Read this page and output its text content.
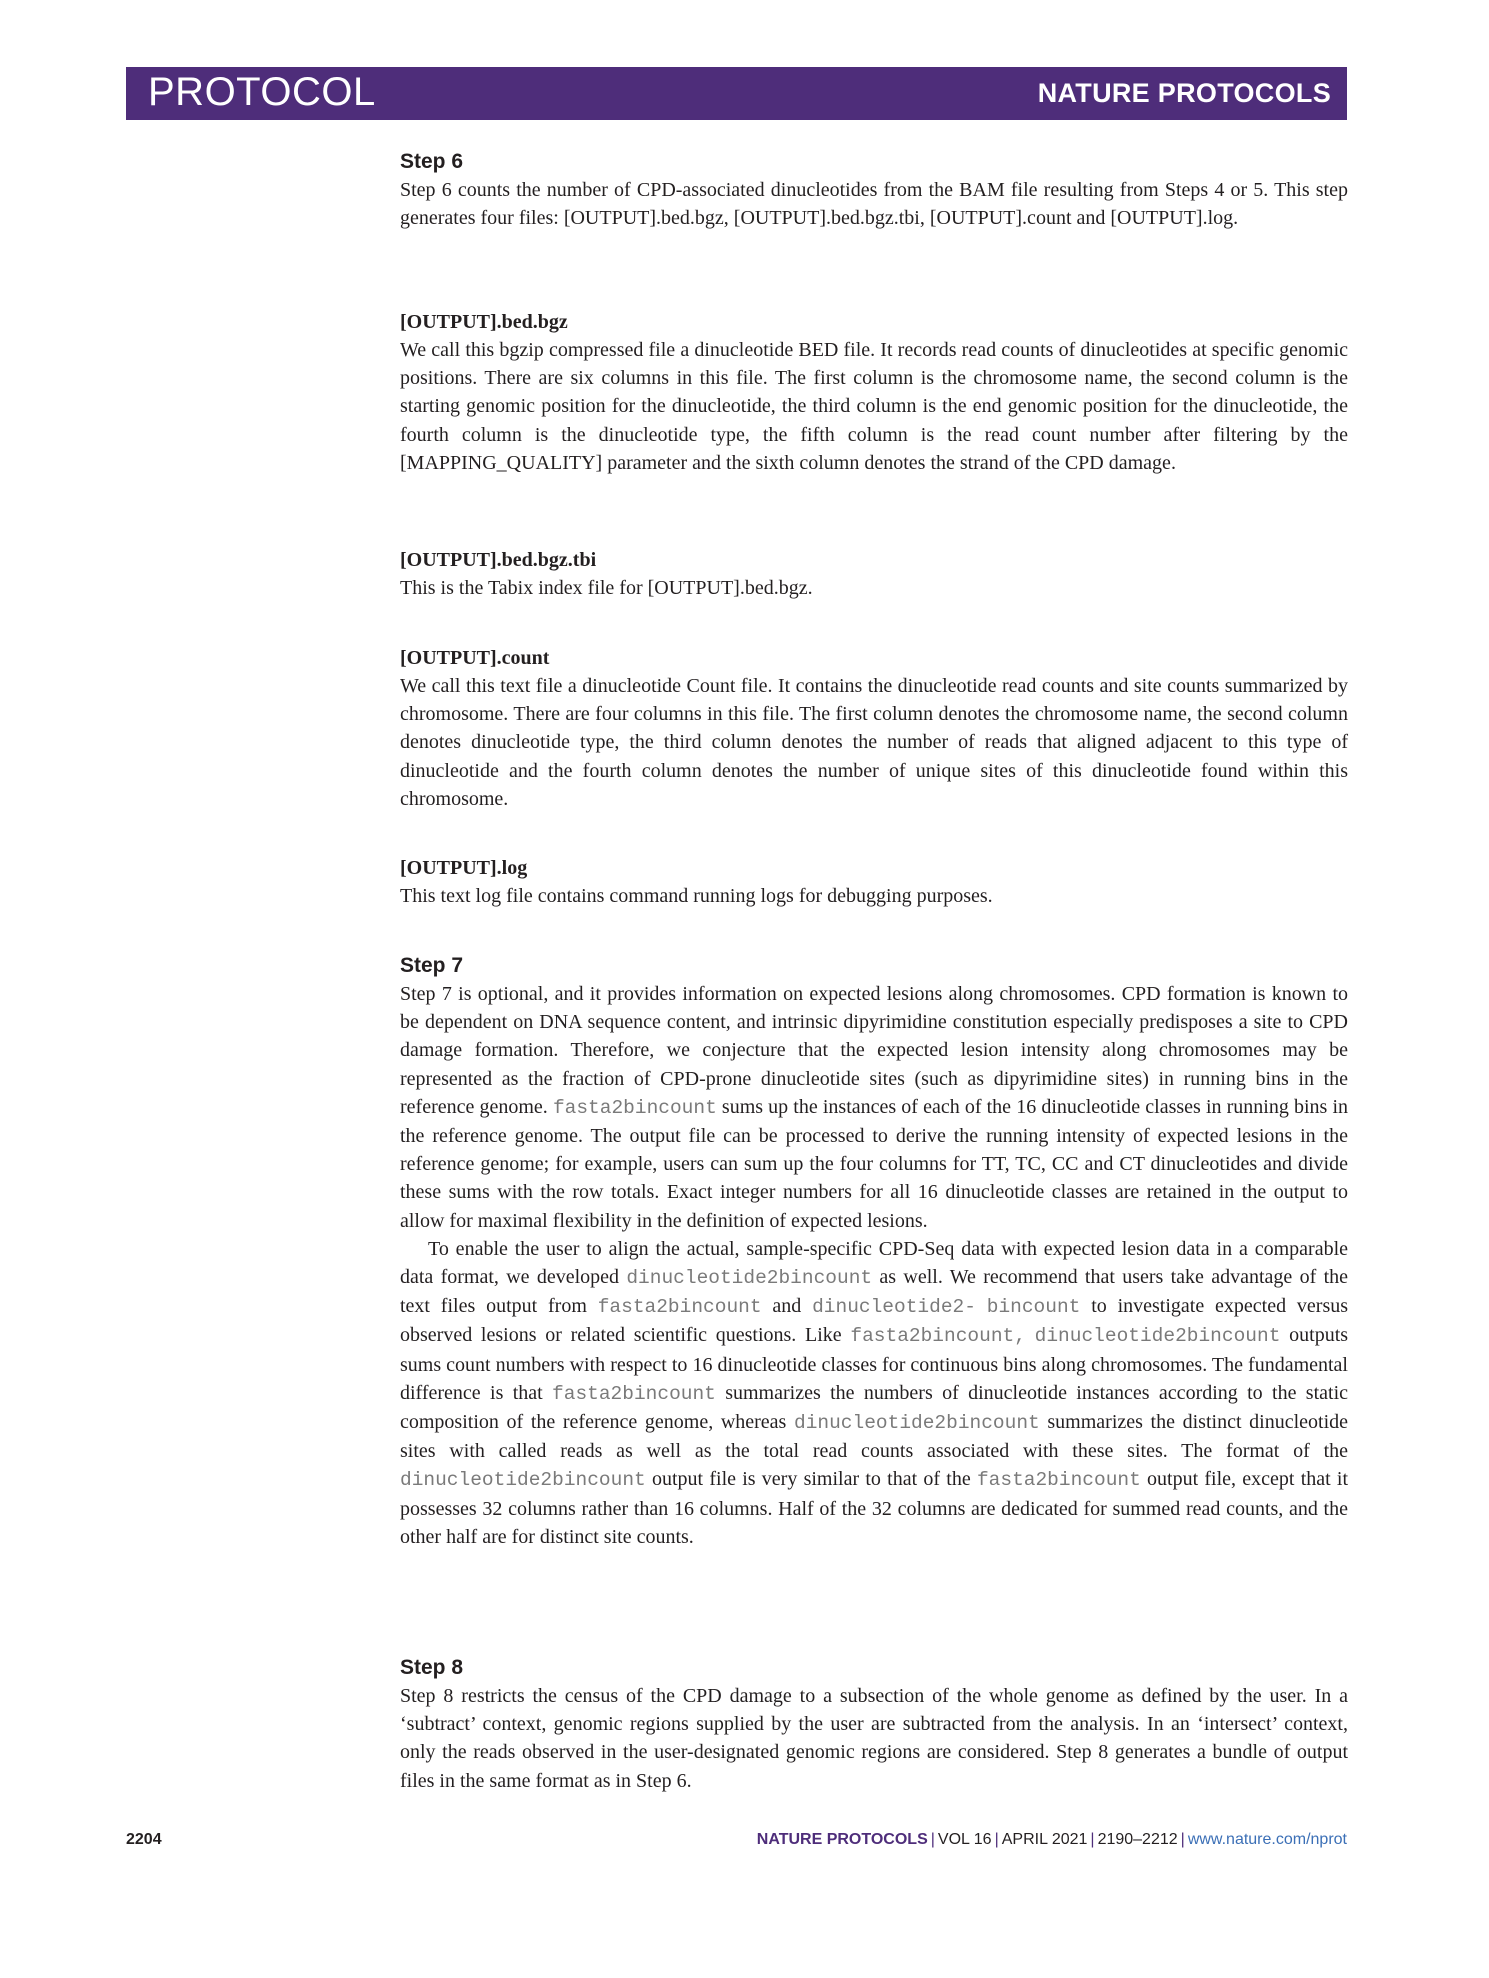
PROTOCOL	NATURE PROTOCOLS
Step 6

Step 6 counts the number of CPD-associated dinucleotides from the BAM file resulting from Steps 4 or 5. This step generates four files: [OUTPUT].bed.bgz, [OUTPUT].bed.bgz.tbi, [OUTPUT].count and [OUTPUT].log.

[OUTPUT].bed.bgz

We call this bgzip compressed file a dinucleotide BED file. It records read counts of dinucleotides at specific genomic positions. There are six columns in this file. The first column is the chromosome name, the second column is the starting genomic position for the dinucleotide, the third column is the end genomic position for the dinucleotide, the fourth column is the dinucleotide type, the fifth column is the read count number after filtering by the [MAPPING_QUALITY] parameter and the sixth column denotes the strand of the CPD damage.

[OUTPUT].bed.bgz.tbi

This is the Tabix index file for [OUTPUT].bed.bgz.

[OUTPUT].count

We call this text file a dinucleotide Count file. It contains the dinucleotide read counts and site counts summarized by chromosome. There are four columns in this file. The first column denotes the chromosome name, the second column denotes dinucleotide type, the third column denotes the number of reads that aligned adjacent to this type of dinucleotide and the fourth column denotes the number of unique sites of this dinucleotide found within this chromosome.

[OUTPUT].log

This text log file contains command running logs for debugging purposes.

Step 7

Step 7 is optional, and it provides information on expected lesions along chromosomes. CPD formation is known to be dependent on DNA sequence content, and intrinsic dipyrimidine constitution especially predisposes a site to CPD damage formation. Therefore, we conjecture that the expected lesion intensity along chromosomes may be represented as the fraction of CPD-prone dinucleotide sites (such as dipyrimidine sites) in running bins in the reference genome. fasta2bincount sums up the instances of each of the 16 dinucleotide classes in running bins in the reference genome. The output file can be processed to derive the running intensity of expected lesions in the reference genome; for example, users can sum up the four columns for TT, TC, CC and CT dinucleotides and divide these sums with the row totals. Exact integer numbers for all 16 dinucleotide classes are retained in the output to allow for maximal flexibility in the definition of expected lesions.

To enable the user to align the actual, sample-specific CPD-Seq data with expected lesion data in a comparable data format, we developed dinucleotide2bincount as well. We recommend that users take advantage of the text files output from fasta2bincount and dinucleotide2- bincount to investigate expected versus observed lesions or related scientific questions. Like fasta2bincount, dinucleotide2bincount outputs sums count numbers with respect to 16 dinucleotide classes for continuous bins along chromosomes. The fundamental difference is that fasta2bincount summarizes the numbers of dinucleotide instances according to the static composition of the reference genome, whereas dinucleotide2bincount summarizes the distinct dinucleotide sites with called reads as well as the total read counts associated with these sites. The format of the dinucleotide2bincount output file is very similar to that of the fasta2bincount output file, except that it possesses 32 columns rather than 16 columns. Half of the 32 columns are dedicated for summed read counts, and the other half are for distinct site counts.

Step 8

Step 8 restricts the census of the CPD damage to a subsection of the whole genome as defined by the user. In a ‘subtract’ context, genomic regions supplied by the user are subtracted from the analysis. In an ‘intersect’ context, only the reads observed in the user-designated genomic regions are considered. Step 8 generates a bundle of output files in the same format as in Step 6.

2204	NATURE PROTOCOLS | VOL 16 | APRIL 2021 | 2190–2212 | www.nature.com/nprot
